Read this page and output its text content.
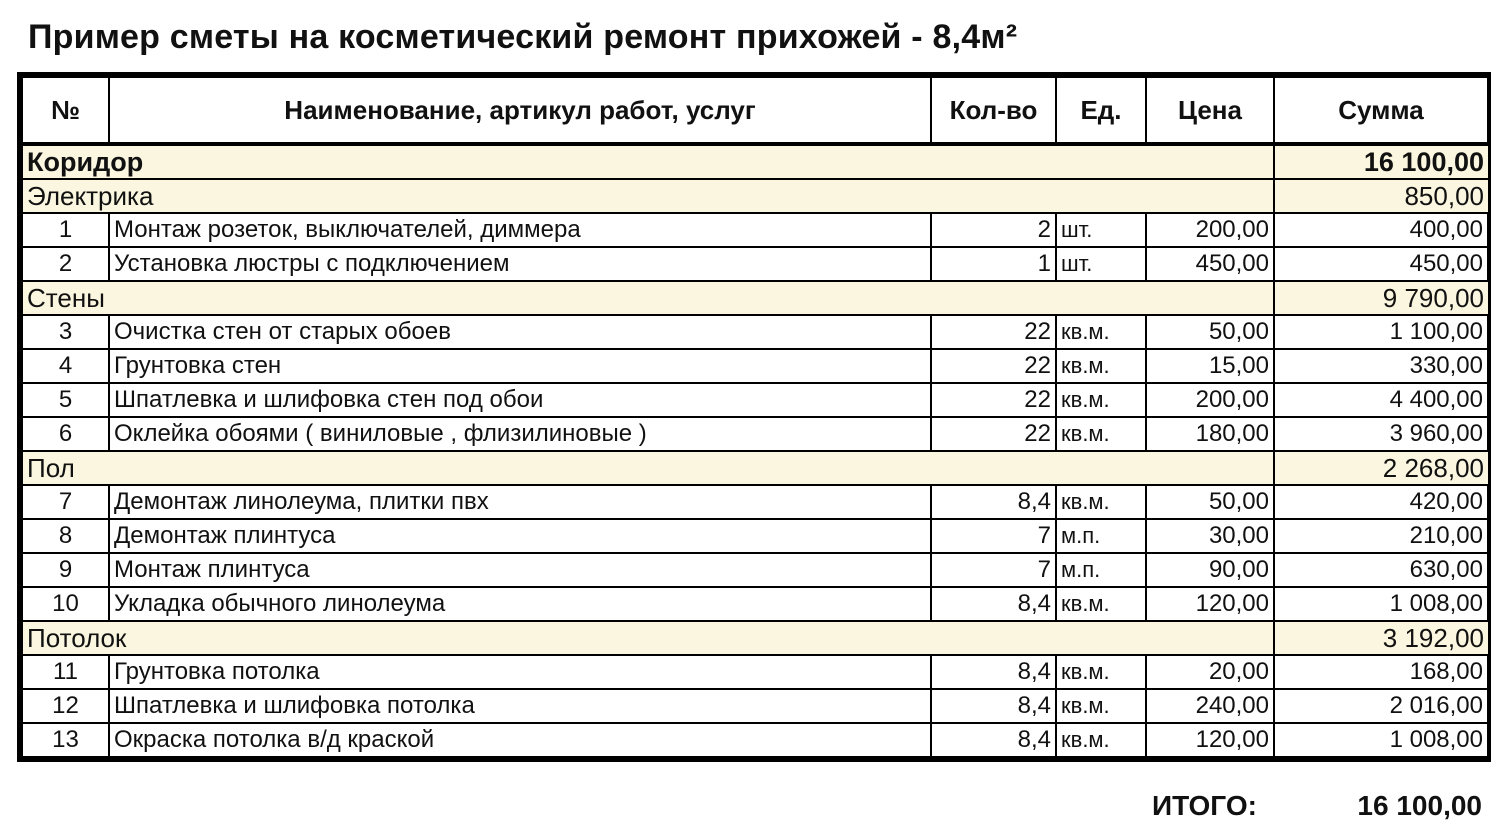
Пример сметы на косметический ремонт прихожей - 8,4м²
№	Наименование, артикул работ, услуг	Кол-во	Ед.	Цена	Сумма
Коридор					16 100,00
Электрика					850,00
1	Монтаж розеток, выключателей, диммера	2	шт.	200,00	400,00
2	Установка люстры с подключением	1	шт.	450,00	450,00
Стены					9 790,00
3	Очистка стен от старых обоев	22	кв.м.	50,00	1 100,00
4	Грунтовка стен	22	кв.м.	15,00	330,00
5	Шпатлевка и шлифовка стен под обои	22	кв.м.	200,00	4 400,00
6	Оклейка обоями ( виниловые , флизилиновые )	22	кв.м.	180,00	3 960,00
Пол					2 268,00
7	Демонтаж линолеума, плитки пвх	8,4	кв.м.	50,00	420,00
8	Демонтаж плинтуса	7	м.п.	30,00	210,00
9	Монтаж плинтуса	7	м.п.	90,00	630,00
10	Укладка обычного линолеума	8,4	кв.м.	120,00	1 008,00
Потолок					3 192,00
11	Грунтовка потолка	8,4	кв.м.	20,00	168,00
12	Шпатлевка и шлифовка потолка	8,4	кв.м.	240,00	2 016,00
13	Окраска потолка в/д краской	8,4	кв.м.	120,00	1 008,00
ИТОГО:	16 100,00
